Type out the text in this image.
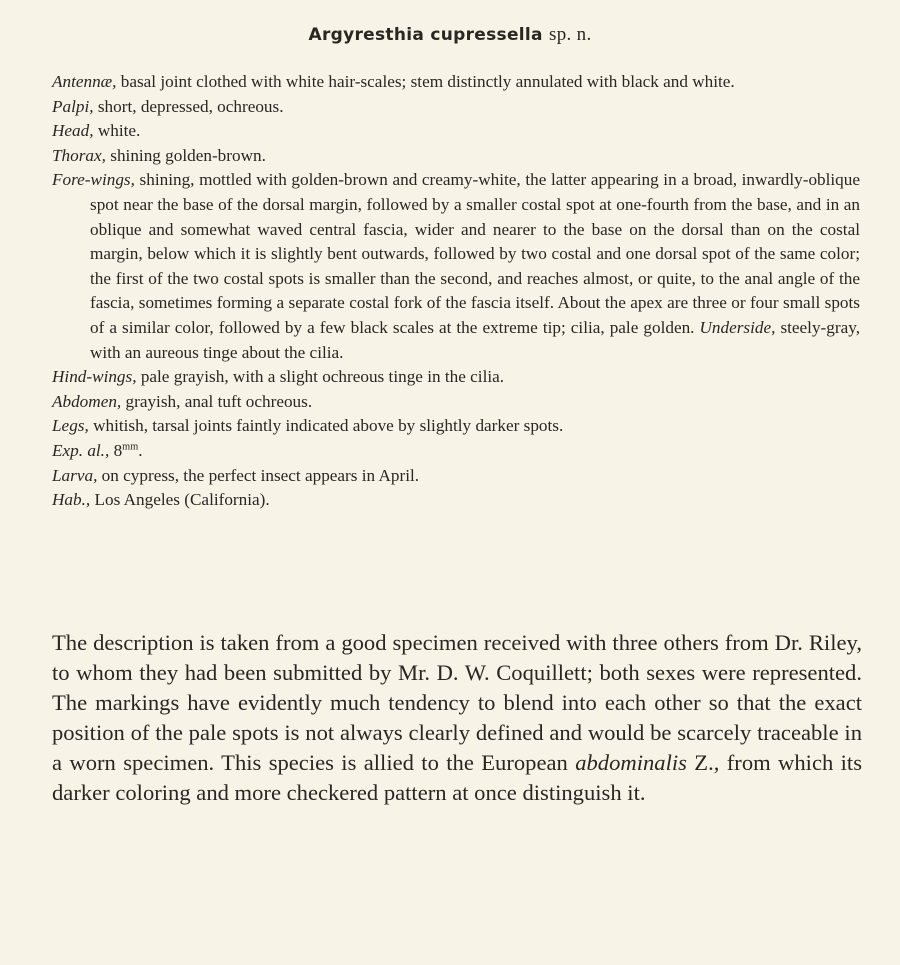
Argyresthia cupressella sp. n.

Antennæ, basal joint clothed with white hair-scales; stem distinctly annulated with black and white.

Palpi, short, depressed, ochreous.

Head, white.

Thorax, shining golden-brown.

Fore-wings, shining, mottled with golden-brown and creamy-white, the latter appearing in a broad, inwardly-oblique spot near the base of the dorsal margin, followed by a smaller costal spot at one-fourth from the base, and in an oblique and somewhat waved central fascia, wider and nearer to the base on the dorsal than on the costal margin, below which it is slightly bent outwards, followed by two costal and one dorsal spot of the same color; the first of the two costal spots is smaller than the second, and reaches almost, or quite, to the anal angle of the fascia, sometimes forming a separate costal fork of the fascia itself. About the apex are three or four small spots of a similar color, followed by a few black scales at the extreme tip; cilia, pale golden. Underside, steely-gray, with an aureous tinge about the cilia.

Hind-wings, pale grayish, with a slight ochreous tinge in the cilia.

Abdomen, grayish, anal tuft ochreous.

Legs, whitish, tarsal joints faintly indicated above by slightly darker spots.

Exp. al., $8^{mm}$.

Larva, on cypress, the perfect insect appears in April.

Hab., Los Angeles (California).

The description is taken from a good specimen received with three others from Dr. Riley, to whom they had been submitted by Mr. D. W. Coquillett; both sexes were represented. The markings have evidently much tendency to blend into each other so that the exact position of the pale spots is not always clearly defined and would be scarcely traceable in a worn specimen. This species is allied to the European abdominalis Z., from which its darker coloring and more checkered pattern at once distinguish it.
